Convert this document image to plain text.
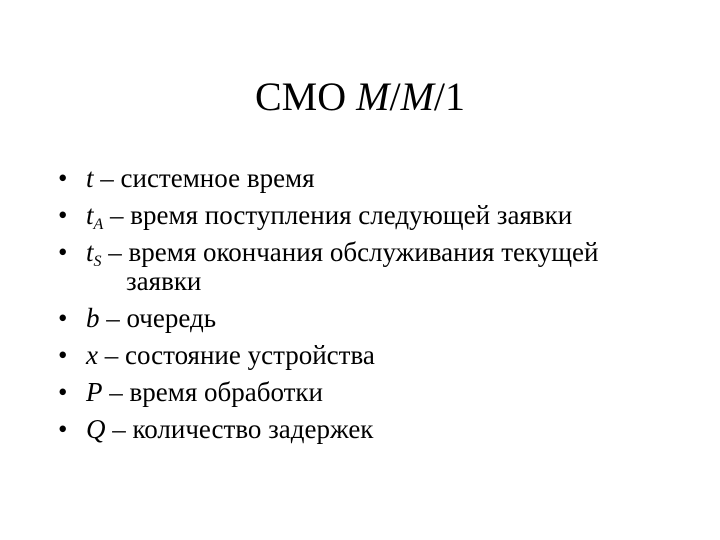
СМО M/M/1
• t – системное время
• $t_A$ – время поступления следующей заявки
• $t_S$ – время окончания обслуживания текущей
заявки
• b – очередь
• x – состояние устройства
• P – время обработки
• Q – количество задержек
